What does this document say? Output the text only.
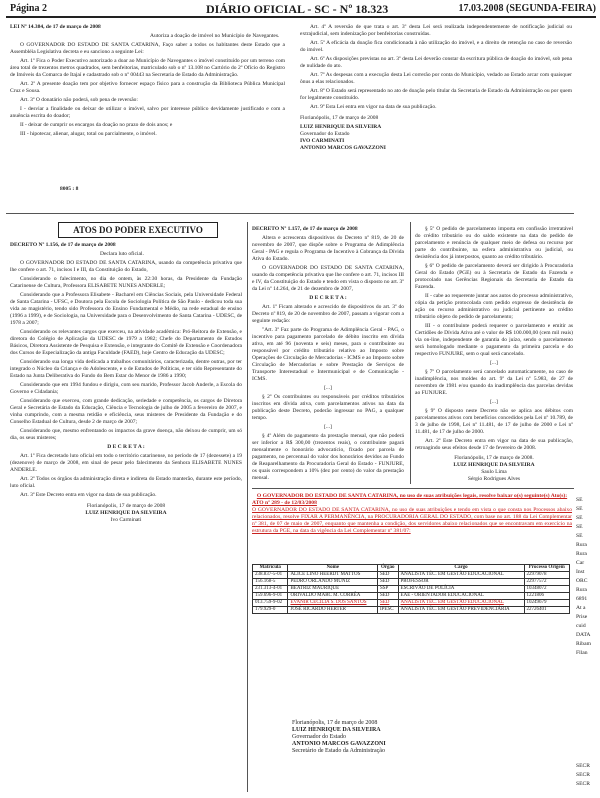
Página 2	DIÁRIO OFICIAL - SC - Nº 18.323	17.03.2008 (SEGUNDA-FEIRA)

LEI Nº 14.384, de 17 de março de 2008

Autoriza a doação de imóvel no Município de Navegantes.

O GOVERNADOR DO ESTADO DE SANTA CATARINA, Faço saber a todos os habitantes deste Estado que a Assembléia Legislativa decreta e eu sanciono a seguinte Lei:

Art. 1º Fica o Poder Executivo autorizado a doar ao Município de Navegantes o imóvel constituído por um terreno com área total de trezentos metros quadrados, sem benfeitorias, matriculado sob o nº 13.108 no Cartório do 2º Ofício do Registro de Imóveis da Comarca de Itajaí e cadastrado sob o nº 00443 na Secretaria de Estado da Administração.

Art. 2º A presente doação tem por objetivo fornecer espaço físico para a construção da Biblioteca Pública Municipal Cruz e Sousa.

Art. 3º O donatário não poderá, sob pena de reversão:

I - desviar a finalidade ou deixar de utilizar o imóvel, salvo por interesse público devidamente justificado e com a anuência escrita do doador;

II - deixar de cumprir os encargos da doação no prazo de dois anos; e

III - hipotecar, alienar, alugar, total ou parcialmente, o imóvel.

Art. 4º A reversão de que trata o art. 3º desta Lei será realizada independentemente de notificação judicial ou extrajudicial, sem indenização por benfeitorias construídas.

Art. 5º A eficácia da doação fica condicionada à não utilização do imóvel, e a direito de retenção no caso de reversão do imóvel.

Art. 6º As disposições previstas no art. 3º desta Lei deverão constar da escritura pública de doação do imóvel, sob pena de nulidade do ato.

Art. 7º As despesas com a execução desta Lei correrão por conta do Município, vedado ao Estado arcar com quaisquer ônus a elas relacionados.

Art. 8º O Estado será representado no ato de doação pelo titular da Secretaria de Estado da Administração ou por quem for legalmente constituído.

Art. 9º Esta Lei entra em vigor na data de sua publicação.

Florianópolis, 17 de março de 2008

LUIZ HENRIQUE DA SILVEIRA

Governador do Estado

IVO CARMINATI

ANTONIO MARCOS GAVAZZONI

ATOS DO PODER EXECUTIVO

DECRETO Nº 1.156, de 17 de março de 2008

Declara luto oficial.

O GOVERNADOR DO ESTADO DE SANTA CATARINA, usando da competência privativa que lhe confere o art. 71, incisos I e III, da Constituição do Estado,

Considerando o falecimento, no dia de ontem, às 22:30 horas, da Presidente da Fundação Catarinense de Cultura, Professora ELISABETE NUNES ANDERLE;

Considerando que a Professora Elisabete - Bacharel em Ciências Sociais, pela Universidade Federal de Santa Catarina - UFSC, e Doutora pela Escola de Sociologia Política de São Paulo - dedicou toda sua vida ao magistério, tendo sido Professora do Ensino Fundamental e Médio, na rede estadual de ensino (1996 a 1999), e de Sociologia, na Universidade para o Desenvolvimento de Santa Catarina - UDESC, de 1978 a 2007;

Considerando os relevantes cargos que exerceu, na atividade acadêmica: Pró-Reitora de Extensão, e diretora do Colégio de Aplicação da UDESC de 1979 a 1982; Chefe do Departamento de Estudos Básicos, Diretora Assistente de Pesquisa e Extensão, e integrante do Comitê de Extensão e Coordenadora dos Cursos de Especialização da antiga Faculdade (FAED), hoje Centro de Educação da UDESC;

Considerando sua longa vida dedicada a trabalhos comunitários, caracterizada, dentre outras, por ter integrado o Núcleo da Criança e do Adolescente, e o de Estudos de Políticas, e ter sido Representante do Estado na Junta Deliberativa do Fundo do Bem Estar do Menor de 1986 a 1990;

Considerando que em 1994 fundou e dirigiu, com seu marido, Professor Jacob Anderle, a Escola do Governo e Cidadania;

Considerando que exerceu, com grande dedicação, seriedade e competência, os cargos de Diretora Geral e Secretária de Estado da Educação, Ciência e Tecnologia de julho de 2005 a fevereiro de 2007, e vinha cumprindo, com a mesma retidão e eficiência, seus misteres de Presidente da Fundação e do Conselho Estadual de Cultura, desde 2 de março de 2007;

Considerando que, mesmo enfrentando os impactos da grave doença, não deixou de cumprir, um só dia, os seus misteres;

D E C R E T A :

Art. 1º Fica decretado luto oficial em todo o território catarinense, no período de 17 (dezessete) a 19 (dezenove) de março de 2008, em sinal de pesar pelo falecimento da Senhora ELISABETE NUNES ANDERLE.

Art. 2º Todos os órgãos da administração direta e indireta do Estado manterão, durante este período, luto oficial.

Art. 3º Este Decreto entra em vigor na data de sua publicação.

Florianópolis, 17 de março de 2008

LUIZ HENRIQUE DA SILVEIRA

Ivo Carminati

DECRETO Nº 1.157, de 17 de março de 2008

Altera e acrescenta dispositivos do Decreto nº 819, de 20 de novembro de 2007, que dispõe sobre o Programa de Adimplência Geral - PAG e regula o Programa de Incentivo à Cobrança da Dívida Ativa do Estado.

O GOVERNADOR DO ESTADO DE SANTA CATARINA, usando da competência privativa que lhe confere o art. 71, incisos III e IV, da Constituição do Estado e tendo em vista o disposto no art. 3º da Lei nº 14.264, de 21 de dezembro de 2007,

D E C R E T A :

Art. 1º Ficam alterado e acrescido de dispositivos do art. 3º do Decreto nº 819, de 20 de novembro de 2007, passam a vigorar com a seguinte redação:

"Art. 3º Faz parte do Programa de Adimplência Geral - PAG, o incentivo para pagamento parcelado de débito inscrito em dívida ativa, em até 96 (noventa e seis) meses, para o contribuinte ou responsável por crédito tributário relativo ao Imposto sobre Operações de Circulação de Mercadorias - ICMS e ao Imposto sobre Circulação de Mercadorias e sobre Prestação de Serviços de Transporte Interestadual e Intermunicipal e de Comunicação - ICMS.

[...]

§ 2º Os contribuintes ou responsáveis por créditos tributários inscritos em dívida ativa, com parcelamentos ativos na data da publicação deste Decreto, poderão ingressar no PAG, a qualquer tempo.

[...]

§ 4º Além do pagamento da prestação mensal, que não poderá ser inferior a R$ 300,00 (trezentos reais), o contribuinte pagará mensalmente o honorário advocatício, fixado por parcela de pagamento, no percentual do valor dos honorários devidos ao Fundo de Reaparelhamento da Procuradoria Geral do Estado - FUNJURE, os quais correspondem a 10% (dez por cento) do valor da prestação mensal.

§ 5º O pedido de parcelamento importa em confissão irretratável do crédito tributário ou do saldo existente na data do pedido de parcelamento e renúncia de qualquer meio de defesa ou recurso por parte do contribuinte, na esfera administrativa ou judicial, ou desistência dos já interpostos, quanto ao crédito tributário.

§ 6º O pedido de parcelamento deverá ser dirigido à Procuradoria Geral do Estado (PGE) ou à Secretaria de Estado da Fazenda e protocolado nas Gerências Regionais da Secretaria de Estado da Fazenda.

II - cabe ao requerente juntar aos autos do processo administrativo, cópia da petição protocolada com pedido expresso de desistência de ação ou recurso administrativo ou judicial pertinente ao crédito tributário objeto do pedido de parcelamento;

III - o contribuinte poderá requerer o parcelamento e emitir as Certidões de Dívida Ativa até o valor de R$ 100.000,00 (cem mil reais) via on-line, independente de garantia do juízo, sendo o parcelamento será homologado mediante o pagamento da primeira parcela e do respectivo FUNJURE, sem o qual será cancelado.

[...]

§ 7º O parcelamento será cancelado automaticamente, no caso de inadimplência, nos moldes do art. 9º da Lei nº 5.983, de 27 de novembro de 1981 e/ou quando da inadimplência das parcelas devidas ao FUNJURE.

[...]

§ 9º O disposto neste Decreto não se aplica aos débitos com parcelamentos ativos com benefícios concedidos pela Lei nº 10.789, de 3 de julho de 1998, Lei nº 11.481, de 17 de julho de 2000 e Lei nº 11.481, de 17 de julho de 2000.

Art. 2º Este Decreto entra em vigor na data de sua publicação, retroagindo seus efeitos desde 17 de fevereiro de 2008.

Florianópolis, 17 de março de 2008.

LUIZ HENRIQUE DA SILVEIRA

Saulo Lima

Sérgio Rodrigues Alves

O GOVERNADOR DO ESTADO DE SANTA CATARINA, no uso de suas atribuições legais, resolve baixar o(s) seguinte(s) Ato(s):
ATO nº 289 - de 12/03/2008
O GOVERNADOR DO ESTADO DE SANTA CATARINA, no uso de suas atribuições e tendo em vista o que consta nos Processos abaixo relacionados, resolve FIXAR A PERMANÊNCIA, na PROCURADORIA GERAL DO ESTADO, com base no art. 188 da Lei Complementar nº 381, de 07 de maio de 2007, enquanto que mantenha a condição, dos servidores abaixo relacionados que se encontravam em exercício na estrutura da PGE, na data da vigência da Lei Complementar nº 381/07:
Matrícula	Nome	Órgão	Cargo	Processo Origem
238.837-5-01	ALICE LINO HEERDT MATTOS	SED	ANALISTA TÉC. EM GESTÃO EDUCACIONAL	22979078
156.168-5	PEDRO ORLANDO MUNIZ	SED	PROFESSOR	22977572
231.313-4-01	BEATRIZ MAURIQUE	SSP	ESCRIVÃO DE POLÍCIA	10348072
159.696-9-01	ORIVALDO MARC M. CORRÊA	SED	EAE - ORIENTADOR EDUCACIONAL	1221806
013.759-9-02	EVANIR CECÍLIA S. DOS SANTOS	SED	ANALISTA TÉC. EM GESTÃO EDUCACIONAL	10249679
179.929-0	JOSÉ RICARDO HERTER	IPESC	ANALISTA TÉC. EM GESTÃO PREVIDENCIÁRIA	22726401
Florianópolis, 17 de março de 2008
LUIZ HENRIQUE DA SILVEIRA
Governador do Estado
ANTONIO MARCOS GAVAZZONI
Secretário de Estado da Administração
SE
SE
SE
SE
SE
Rura
Rura
Car
Inst
ORC
Rura
6891
At a
Prise
cuid
DATA
Ribam
Fllan
SECR
SECR
SECR
8005 : 8
